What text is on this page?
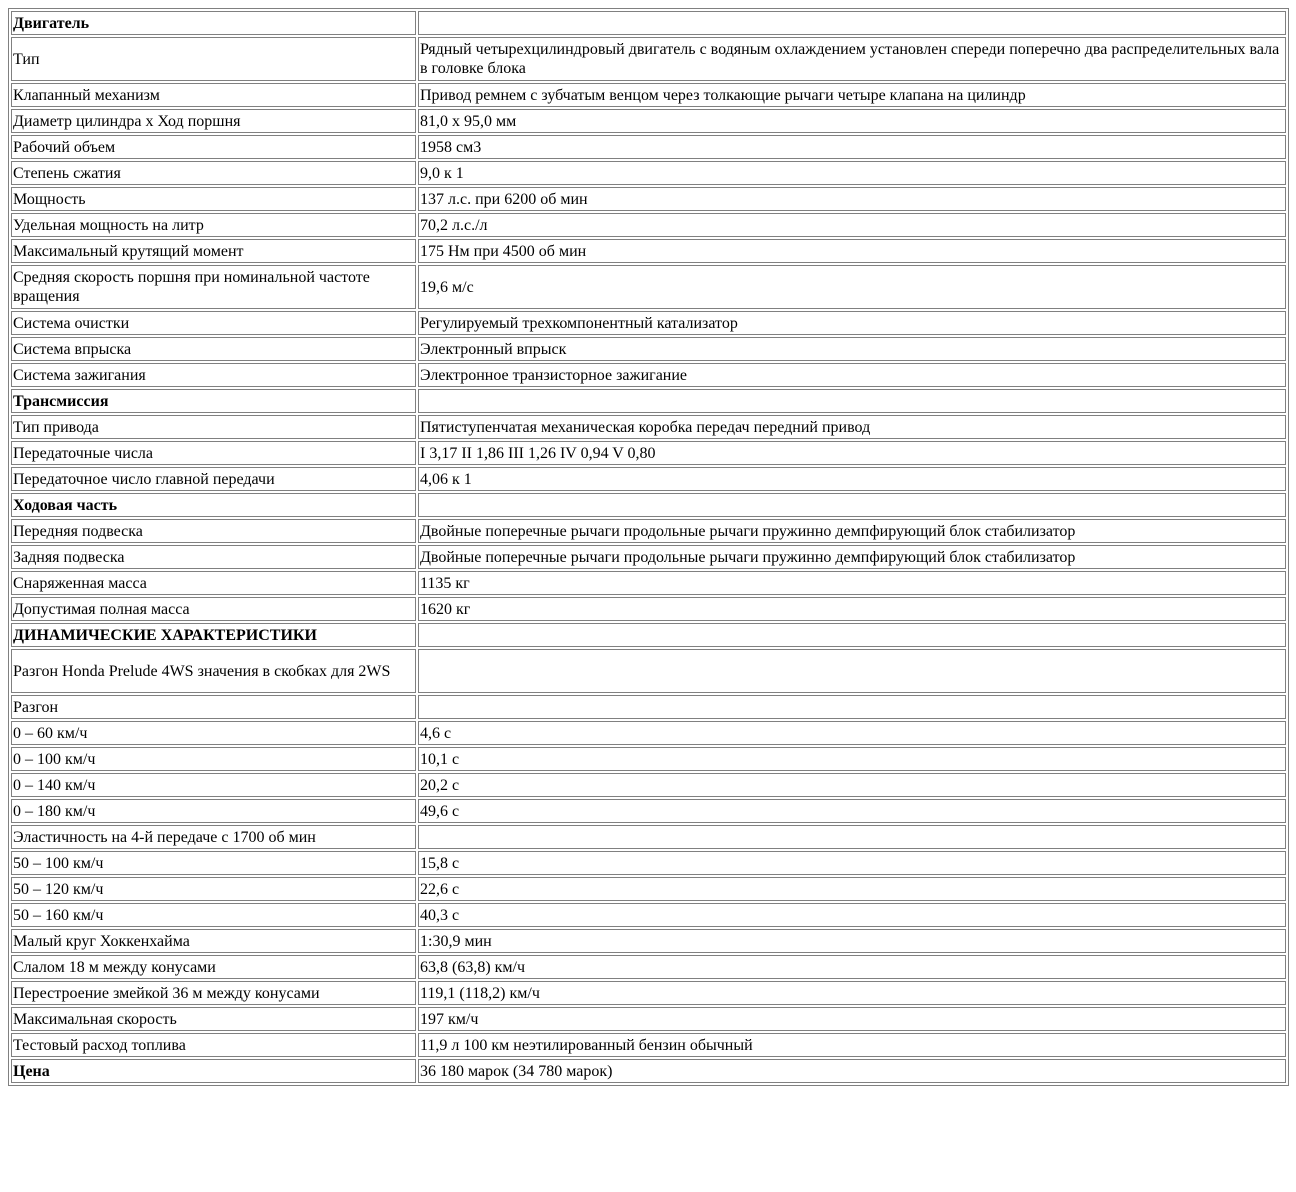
Двигатель	
Тип	Рядный четырехцилиндровый двигатель с водяным охлаждением установлен спереди поперечно два распределительных вала в головке блока
Клапанный механизм	Привод ремнем с зубчатым венцом через толкающие рычаги четыре клапана на цилиндр
Диаметр цилиндра х Ход поршня	81,0 х 95,0 мм
Рабочий объем	1958 см3
Степень сжатия	9,0 к 1
Мощность	137 л.с. при 6200 об мин
Удельная мощность на литр	70,2 л.с./л
Максимальный крутящий момент	175 Нм при 4500 об мин
Средняя скорость поршня при номинальной частоте вращения	19,6 м/с
Система очистки	Регулируемый трехкомпонентный катализатор
Система впрыска	Электронный впрыск
Система зажигания	Электронное транзисторное зажигание
Трансмиссия	
Тип привода	Пятиступенчатая механическая коробка передач передний привод
Передаточные числа	I 3,17 II 1,86 III 1,26 IV 0,94 V 0,80
Передаточное число главной передачи	4,06 к 1
Ходовая часть	
Передняя подвеска	Двойные поперечные рычаги продольные рычаги пружинно демпфирующий блок стабилизатор
Задняя подвеска	Двойные поперечные рычаги продольные рычаги пружинно демпфирующий блок стабилизатор
Снаряженная масса	1135 кг
Допустимая полная масса	1620 кг
ДИНАМИЧЕСКИЕ ХАРАКТЕРИСТИКИ	
Разгон Honda Prelude 4WS значения в скобках для 2WS	
Разгон	
0 – 60 км/ч	4,6 с
0 – 100 км/ч	10,1 с
0 – 140 км/ч	20,2 с
0 – 180 км/ч	49,6 с
Эластичность на 4-й передаче с 1700 об мин	
50 – 100 км/ч	15,8 с
50 – 120 км/ч	22,6 с
50 – 160 км/ч	40,3 с
Малый круг Хоккенхайма	1:30,9 мин
Слалом 18 м между конусами	63,8 (63,8) км/ч
Перестроение змейкой 36 м между конусами	119,1 (118,2) км/ч
Максимальная скорость	197 км/ч
Тестовый расход топлива	11,9 л 100 км неэтилированный бензин обычный
Цена	36 180 марок (34 780 марок)
